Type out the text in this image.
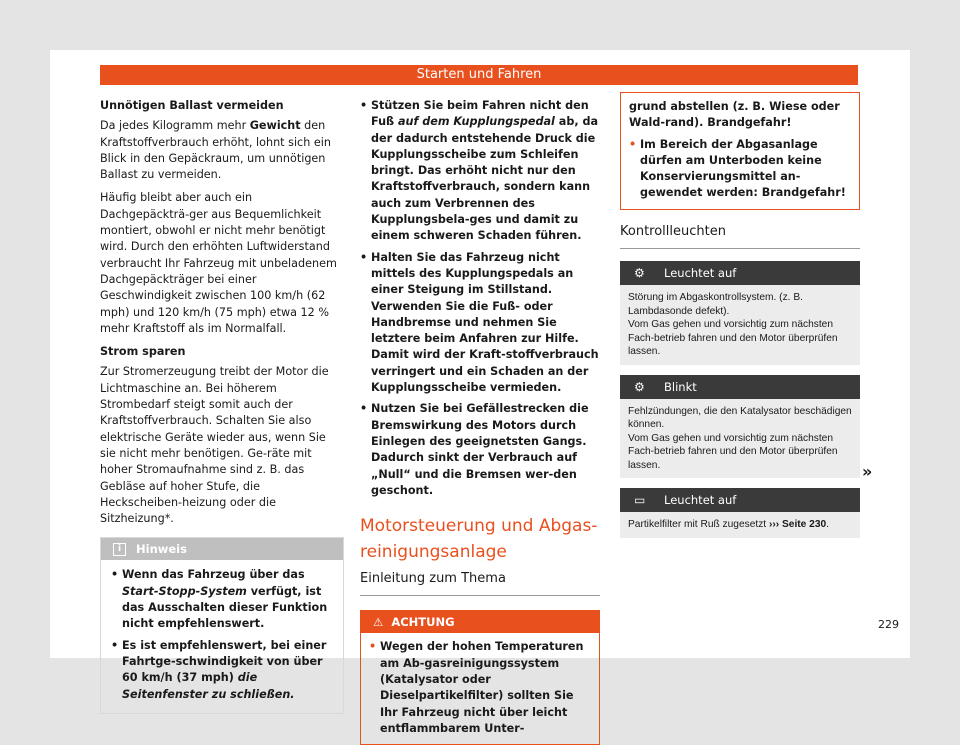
Starten und Fahren

Unnötigen Ballast vermeiden

Da jedes Kilogramm mehr Gewicht den Kraftstoffverbrauch erhöht, lohnt sich ein Blick in den Gepäckraum, um unnötigen Ballast zu vermeiden.

Häufig bleibt aber auch ein Dachgepäckträ-ger aus Bequemlichkeit montiert, obwohl er nicht mehr benötigt wird. Durch den erhöhten Luftwiderstand verbraucht Ihr Fahrzeug mit unbeladenem Dachgepäckträger bei einer Geschwindigkeit zwischen 100 km/h (62 mph) und 120 km/h (75 mph) etwa 12 % mehr Kraftstoff als im Normalfall.

Strom sparen

Zur Stromerzeugung treibt der Motor die Lichtmaschine an. Bei höherem Strombedarf steigt somit auch der Kraftstoffverbrauch. Schalten Sie also elektrische Geräte wieder aus, wenn Sie sie nicht mehr benötigen. Ge-räte mit hoher Stromaufnahme sind z. B. das Gebläse auf hoher Stufe, die Heckscheiben-heizung oder die Sitzheizung*.

i Hinweis

• Wenn das Fahrzeug über das Start-Stopp-System verfügt, ist das Ausschalten dieser Funktion nicht empfehlenswert.

• Es ist empfehlenswert, bei einer Fahrtge-schwindigkeit von über 60 km/h (37 mph) die Seitenfenster zu schließen.

• Stützen Sie beim Fahren nicht den Fuß auf dem Kupplungspedal ab, da der dadurch entstehende Druck die Kupplungsscheibe zum Schleifen bringt. Das erhöht nicht nur den Kraftstoffverbrauch, sondern kann auch zum Verbrennen des Kupplungsbela-ges und damit zu einem schweren Schaden führen.

• Halten Sie das Fahrzeug nicht mittels des Kupplungspedals an einer Steigung im Stillstand. Verwenden Sie die Fuß- oder Handbremse und nehmen Sie letztere beim Anfahren zur Hilfe. Damit wird der Kraft-stoffverbrauch verringert und ein Schaden an der Kupplungsscheibe vermieden.

• Nutzen Sie bei Gefällestrecken die Bremswirkung des Motors durch Einlegen des geeignetsten Gangs. Dadurch sinkt der Verbrauch auf „Null“ und die Bremsen wer-den geschont.

Motorsteuerung und Abgas-reinigungsanlage
Einleitung zum Thema
⚠ ACHTUNG

• Wegen der hohen Temperaturen am Ab-gasreinigungssystem (Katalysator oder Dieselpartikelfilter) sollten Sie Ihr Fahrzeug nicht über leicht entflammbarem Unter-

grund abstellen (z. B. Wiese oder Wald-rand). Brandgefahr!

• Im Bereich der Abgasanlage dürfen am Unterboden keine Konservierungsmittel an-gewendet werden: Brandgefahr!

Kontrollleuchten
⚙ Leuchtet auf
Störung im Abgaskontrollsystem. (z. B. Lambdasonde defekt).
Vom Gas gehen und vorsichtig zum nächsten Fach-betrieb fahren und den Motor überprüfen lassen.
⚙ Blinkt
Fehlzündungen, die den Katalysator beschädigen können.
Vom Gas gehen und vorsichtig zum nächsten Fach-betrieb fahren und den Motor überprüfen lassen.
▭ Leuchtet auf
Partikelfilter mit Ruß zugesetzt ››› Seite 230.
»
229
